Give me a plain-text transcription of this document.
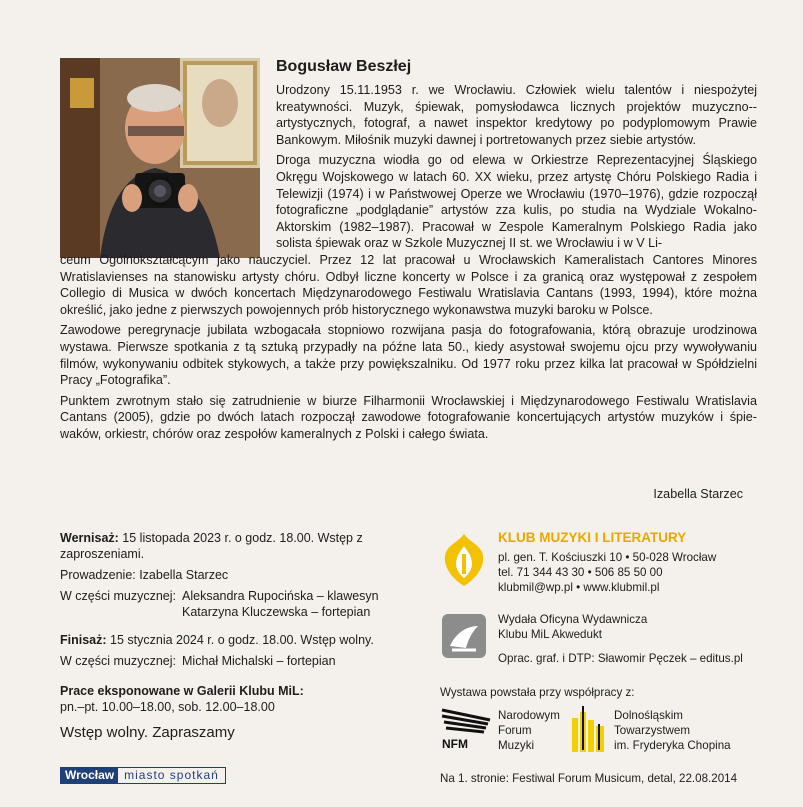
Bogusław Beszłej

Urodzony 15.11.1953 r. we Wrocławiu. Człowiek wielu talentów i niespożytej kreatywności. Muzyk, śpiewak, pomysłodawca licznych projektów muzyczno--artystycznych, fotograf, a nawet inspektor kredytowy po podyplomowym Prawie Bankowym. Miłośnik muzyki dawnej i portretowanych przez siebie artystów.

Droga muzyczna wiodła go od elewa w Orkiestrze Reprezentacyjnej Śląskiego Okręgu Wojskowego w latach 60. XX wieku, przez artystę Chóru Polskiego Radia i Telewizji (1974) i w Państwowej Operze we Wrocławiu (1970–1976), gdzie rozpoczął fotograficzne „podglądanie” artystów zza kulis, po studia na Wydziale Wokalno-Aktorskim (1982–1987). Pracował w Zespole Kameralnym Polskiego Radia jako solista śpiewak oraz w Szkole Muzycznej II st. we Wrocławiu i w V Li-

ceum Ogólnokształcącym jako nauczyciel. Przez 12 lat pracował u Wrocławskich Kameralistach Cantores Minores Wratislavienses na stanowisku artysty chóru. Odbył liczne koncerty w Polsce i za granicą oraz występował z zespołem Collegio di Musica w dwóch koncertach Międzynarodowego Festiwalu Wratislavia Cantans (1993, 1994), które można określić, jako jedne z pierwszych powojennych prób historycznego wykonawstwa muzyki baroku w Polsce.

Zawodowe peregrynacje jubilata wzbogacała stopniowo rozwijana pasja do fotografowania, którą obrazuje urodzinowa wystawa. Pierwsze spotkania z tą sztuką przypadły na późne lata 50., kiedy asystował swojemu ojcu przy wywoływaniu filmów, wykonywaniu odbitek stykowych, a także przy powiększalniku. Od 1977 roku przez kilka lat pracował w Spółdzielni Pracy „Fotografika”.

Punktem zwrotnym stało się zatrudnienie w biurze Filharmonii Wrocławskiej i Międzynarodowego Festiwalu Wratislavia Cantans (2005), gdzie po dwóch latach rozpoczął zawodowe fotografowanie koncertujących artystów muzyków i śpie-waków, orkiestr, chórów oraz zespołów kameralnych z Polski i całego świata.

Izabella Starzec
Wernisaż: 15 listopada 2023 r. o godz. 18.00. Wstęp z zaproszeniami.
Prowadzenie: Izabella Starzec
W części muzycznej: Aleksandra Rupocińska – klawesyn
Katarzyna Kluczewska – fortepian
Finisaż: 15 stycznia 2024 r. o godz. 18.00. Wstęp wolny.
W części muzycznej: Michał Michalski – fortepian
Prace eksponowane w Galerii Klubu MiL:
pn.–pt. 10.00–18.00, sob. 12.00–18.00
Wstęp wolny. Zapraszamy
KLUB MUZYKI I LITERATURY
pl. gen. T. Kościuszki 10 • 50-028 Wrocław
tel. 71 344 43 30 • 506 85 50 00
klubmil@wp.pl • www.klubmil.pl
Wydała Oficyna Wydawnicza
Klubu MiL Akwedukt
Oprac. graf. i DTP: Sławomir Pęczek – editus.pl
Wystawa powstała przy współpracy z:
NFM
Narodowym
Forum
Muzyki
Dolnośląskim
Towarzystwem
im. Fryderyka Chopina
Na 1. stronie: Festiwal Forum Musicum, detal, 22.08.2014
Wrocław miasto spotkań
